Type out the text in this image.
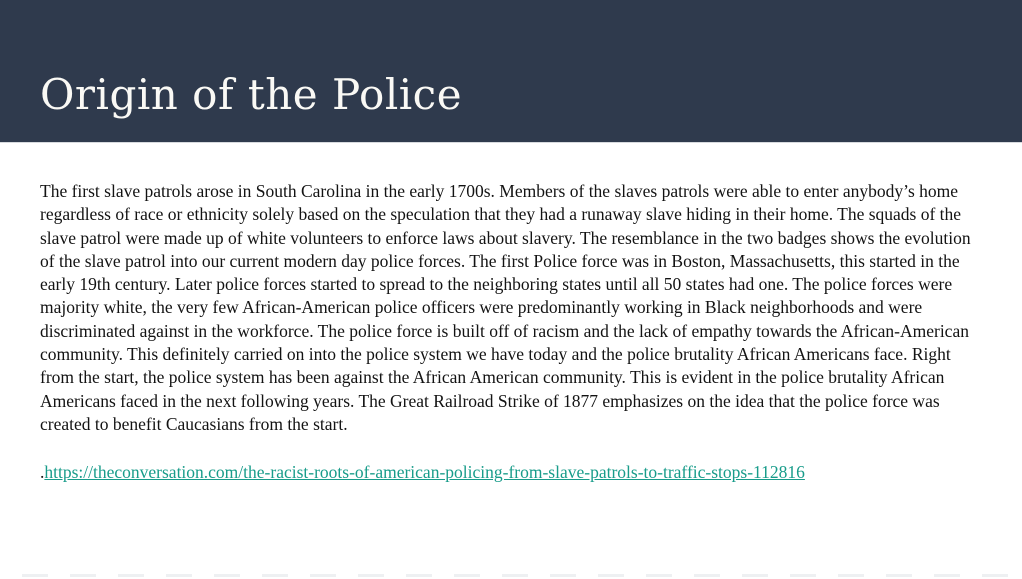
Origin of the Police

The first slave patrols arose in South Carolina in the early 1700s. Members of the slaves patrols were able to enter anybody’s home regardless of race or ethnicity solely based on the speculation that they had a runaway slave hiding in their home. The squads of the slave patrol were made up of white volunteers to enforce laws about slavery. The resemblance in the two badges shows the evolution of the slave patrol into our current modern day police forces. The first Police force was in Boston, Massachusetts, this started in the early 19th century. Later police forces started to spread to the neighboring states until all 50 states had one. The police forces were majority white, the very few African-American police officers were predominantly working in Black neighborhoods and were discriminated against in the workforce. The police force is built off of racism and the lack of empathy towards the African-American community. This definitely carried on into the police system we have today and the police brutality African Americans face. Right from the start, the police system has been against the African American community. This is evident in the police brutality African Americans faced in the next following years. The Great Railroad Strike of 1877 emphasizes on the idea that the police force was created to benefit Caucasians from the start.

.https://theconversation.com/the-racist-roots-of-american-policing-from-slave-patrols-to-traffic-stops-112816
